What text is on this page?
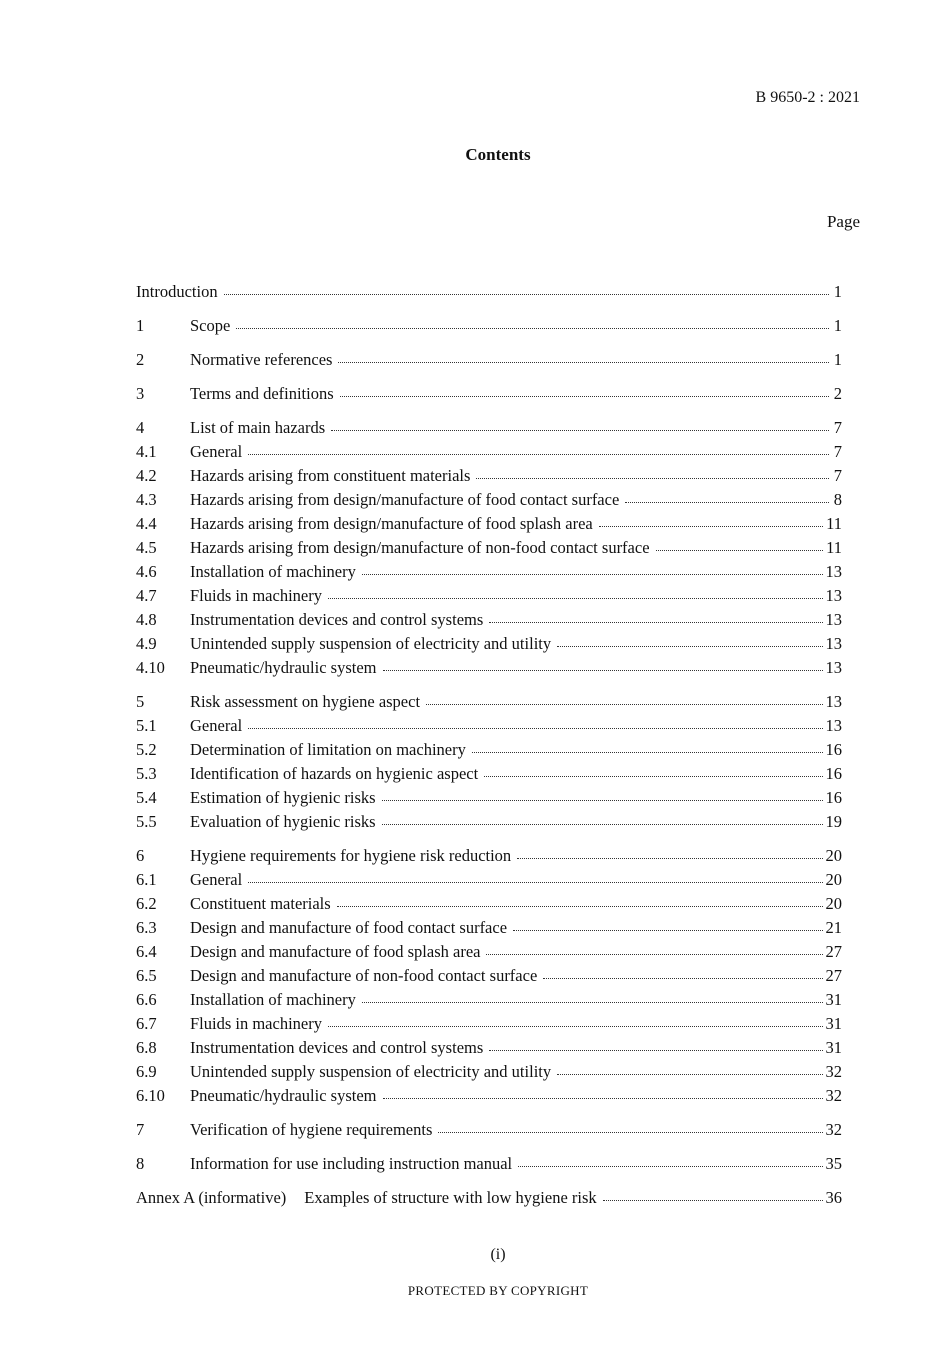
B 9650-2 : 2021
Contents
Page
Introduction	1
1	Scope	1
2	Normative references	1
3	Terms and definitions	2
4	List of main hazards	7
4.1	General	7
4.2	Hazards arising from constituent materials	7
4.3	Hazards arising from design/manufacture of food contact surface	8
4.4	Hazards arising from design/manufacture of food splash area	11
4.5	Hazards arising from design/manufacture of non-food contact surface	11
4.6	Installation of machinery	13
4.7	Fluids in machinery	13
4.8	Instrumentation devices and control systems	13
4.9	Unintended supply suspension of electricity and utility	13
4.10	Pneumatic/hydraulic system	13
5	Risk assessment on hygiene aspect	13
5.1	General	13
5.2	Determination of limitation on machinery	16
5.3	Identification of hazards on hygienic aspect	16
5.4	Estimation of hygienic risks	16
5.5	Evaluation of hygienic risks	19
6	Hygiene requirements for hygiene risk reduction	20
6.1	General	20
6.2	Constituent materials	20
6.3	Design and manufacture of food contact surface	21
6.4	Design and manufacture of food splash area	27
6.5	Design and manufacture of non-food contact surface	27
6.6	Installation of machinery	31
6.7	Fluids in machinery	31
6.8	Instrumentation devices and control systems	31
6.9	Unintended supply suspension of electricity and utility	32
6.10	Pneumatic/hydraulic system	32
7	Verification of hygiene requirements	32
8	Information for use including instruction manual	35
Annex A (informative) Examples of structure with low hygiene risk	36
(i)
PROTECTED BY COPYRIGHT
